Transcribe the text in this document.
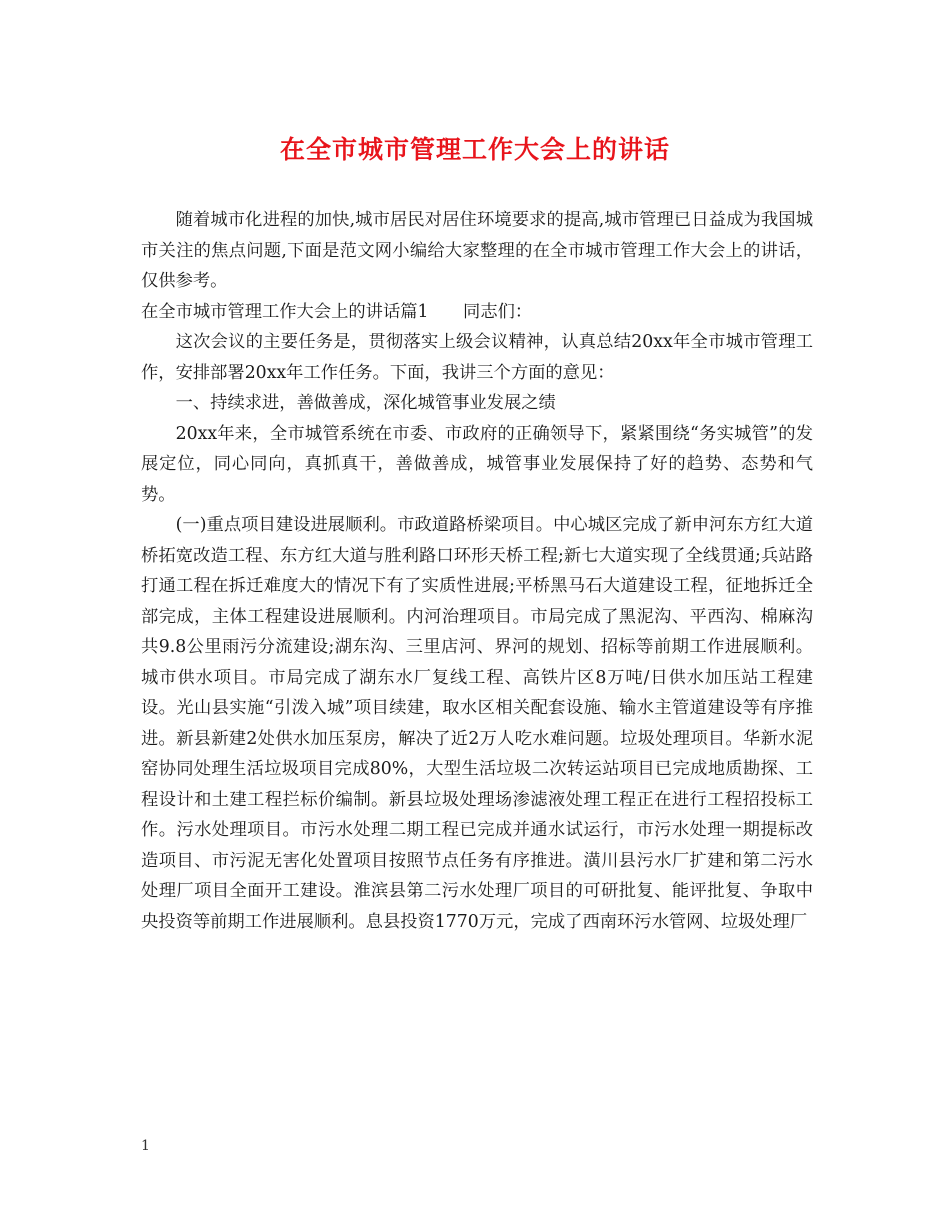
在全市城市管理工作大会上的讲话

随着城市化进程的加快,城市居民对居住环境要求的提高,城市管理已日益成为我国城市关注的焦点问题,下面是范文网小编给大家整理的在全市城市管理工作大会上的讲话，仅供参考。

在全市城市管理工作大会上的讲话篇1　　同志们：

这次会议的主要任务是，贯彻落实上级会议精神，认真总结20xx年全市城市管理工作，安排部署20xx年工作任务。下面，我讲三个方面的意见：

一、持续求进，善做善成，深化城管事业发展之绩

20xx年来，全市城管系统在市委、市政府的正确领导下，紧紧围绕“务实城管”的发展定位，同心同向，真抓真干，善做善成，城管事业发展保持了好的趋势、态势和气势。

(一)重点项目建设进展顺利。市政道路桥梁项目。中心城区完成了新申河东方红大道桥拓宽改造工程、东方红大道与胜利路口环形天桥工程;新七大道实现了全线贯通;兵站路打通工程在拆迁难度大的情况下有了实质性进展;平桥黑马石大道建设工程，征地拆迁全部完成，主体工程建设进展顺利。内河治理项目。市局完成了黑泥沟、平西沟、棉麻沟共9.8公里雨污分流建设;湖东沟、三里店河、界河的规划、招标等前期工作进展顺利。城市供水项目。市局完成了湖东水厂复线工程、高铁片区8万吨/日供水加压站工程建设。光山县实施“引泼入城”项目续建，取水区相关配套设施、输水主管道建设等有序推进。新县新建2处供水加压泵房，解决了近2万人吃水难问题。垃圾处理项目。华新水泥窑协同处理生活垃圾项目完成80%，大型生活垃圾二次转运站项目已完成地质勘探、工程设计和土建工程拦标价编制。新县垃圾处理场渗滤液处理工程正在进行工程招投标工作。污水处理项目。市污水处理二期工程已完成并通水试运行，市污水处理一期提标改造项目、市污泥无害化处置项目按照节点任务有序推进。潢川县污水厂扩建和第二污水处理厂项目全面开工建设。淮滨县第二污水处理厂项目的可研批复、能评批复、争取中央投资等前期工作进展顺利。息县投资1770万元，完成了西南环污水管网、垃圾处理厂

1
